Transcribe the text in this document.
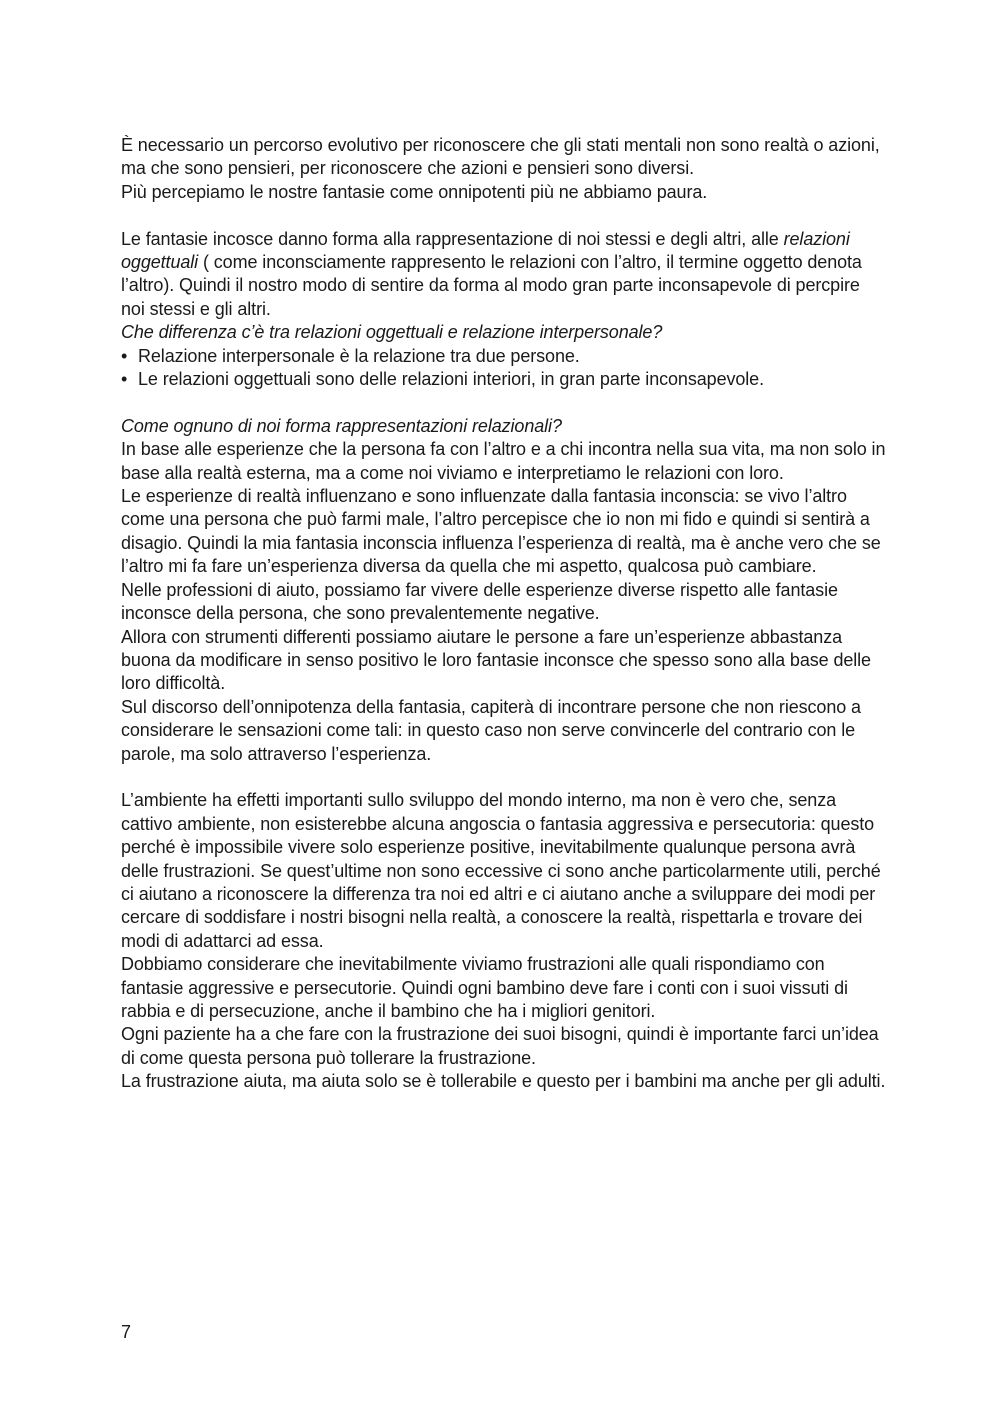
È necessario un percorso evolutivo per riconoscere che gli stati mentali non sono realtà o azioni, ma che sono pensieri, per riconoscere che azioni e pensieri sono diversi.

Più percepiamo le nostre fantasie come onnipotenti più ne abbiamo paura.

Le fantasie incosce danno forma alla rappresentazione di noi stessi e degli altri, alle relazioni oggettuali ( come inconsciamente rappresento le relazioni con l’altro, il termine oggetto denota l’altro). Quindi il nostro modo di sentire da forma al modo gran parte inconsapevole di percpire noi stessi e gli altri.

Che differenza c’è tra relazioni oggettuali e relazione interpersonale?

• Relazione interpersonale è la relazione tra due persone.
• Le relazioni oggettuali sono delle relazioni interiori, in gran parte inconsapevole.

Come ognuno di noi forma rappresentazioni relazionali?

In base alle esperienze che la persona fa con l’altro e a chi incontra nella sua vita, ma non solo in base alla realtà esterna, ma a come noi viviamo e interpretiamo le relazioni con loro.

Le esperienze di realtà influenzano e sono influenzate dalla fantasia inconscia: se vivo l’altro come una persona che può farmi male, l’altro percepisce che io non mi fido e quindi si sentirà a disagio. Quindi la mia fantasia inconscia influenza l’esperienza di realtà, ma è anche vero che se l’altro mi fa fare un’esperienza diversa da quella che mi aspetto, qualcosa può cambiare.

Nelle professioni di aiuto, possiamo far vivere delle esperienze diverse rispetto alle fantasie inconsce della persona, che sono prevalentemente negative.

Allora con strumenti differenti possiamo aiutare le persone a fare un’esperienze abbastanza buona da modificare in senso positivo le loro fantasie inconsce che spesso sono alla base delle loro difficoltà.

Sul discorso dell’onnipotenza della fantasia, capiterà di incontrare persone che non riescono a considerare le sensazioni come tali: in questo caso non serve convincerle del contrario con le parole, ma solo attraverso l’esperienza.

L’ambiente ha effetti importanti sullo sviluppo del mondo interno, ma non è vero che, senza cattivo ambiente, non esisterebbe alcuna angoscia o fantasia aggressiva e persecutoria: questo perché è impossibile vivere solo esperienze positive, inevitabilmente qualunque persona avrà delle frustrazioni. Se quest’ultime non sono eccessive ci sono anche particolarmente utili, perché ci aiutano a riconoscere la differenza tra noi ed altri e ci aiutano anche a sviluppare dei modi per cercare di soddisfare i nostri bisogni nella realtà, a conoscere la realtà, rispettarla e trovare dei modi di adattarci ad essa.

Dobbiamo considerare che inevitabilmente viviamo frustrazioni alle quali rispondiamo con fantasie aggressive e persecutorie. Quindi ogni bambino deve fare i conti con i suoi vissuti di rabbia e di persecuzione, anche il bambino che ha i migliori genitori.

Ogni paziente ha a che fare con la frustrazione dei suoi bisogni, quindi è importante farci un’idea di come questa persona può tollerare la frustrazione.

La frustrazione aiuta, ma aiuta solo se è tollerabile e questo per i bambini ma anche per gli adulti.

7
